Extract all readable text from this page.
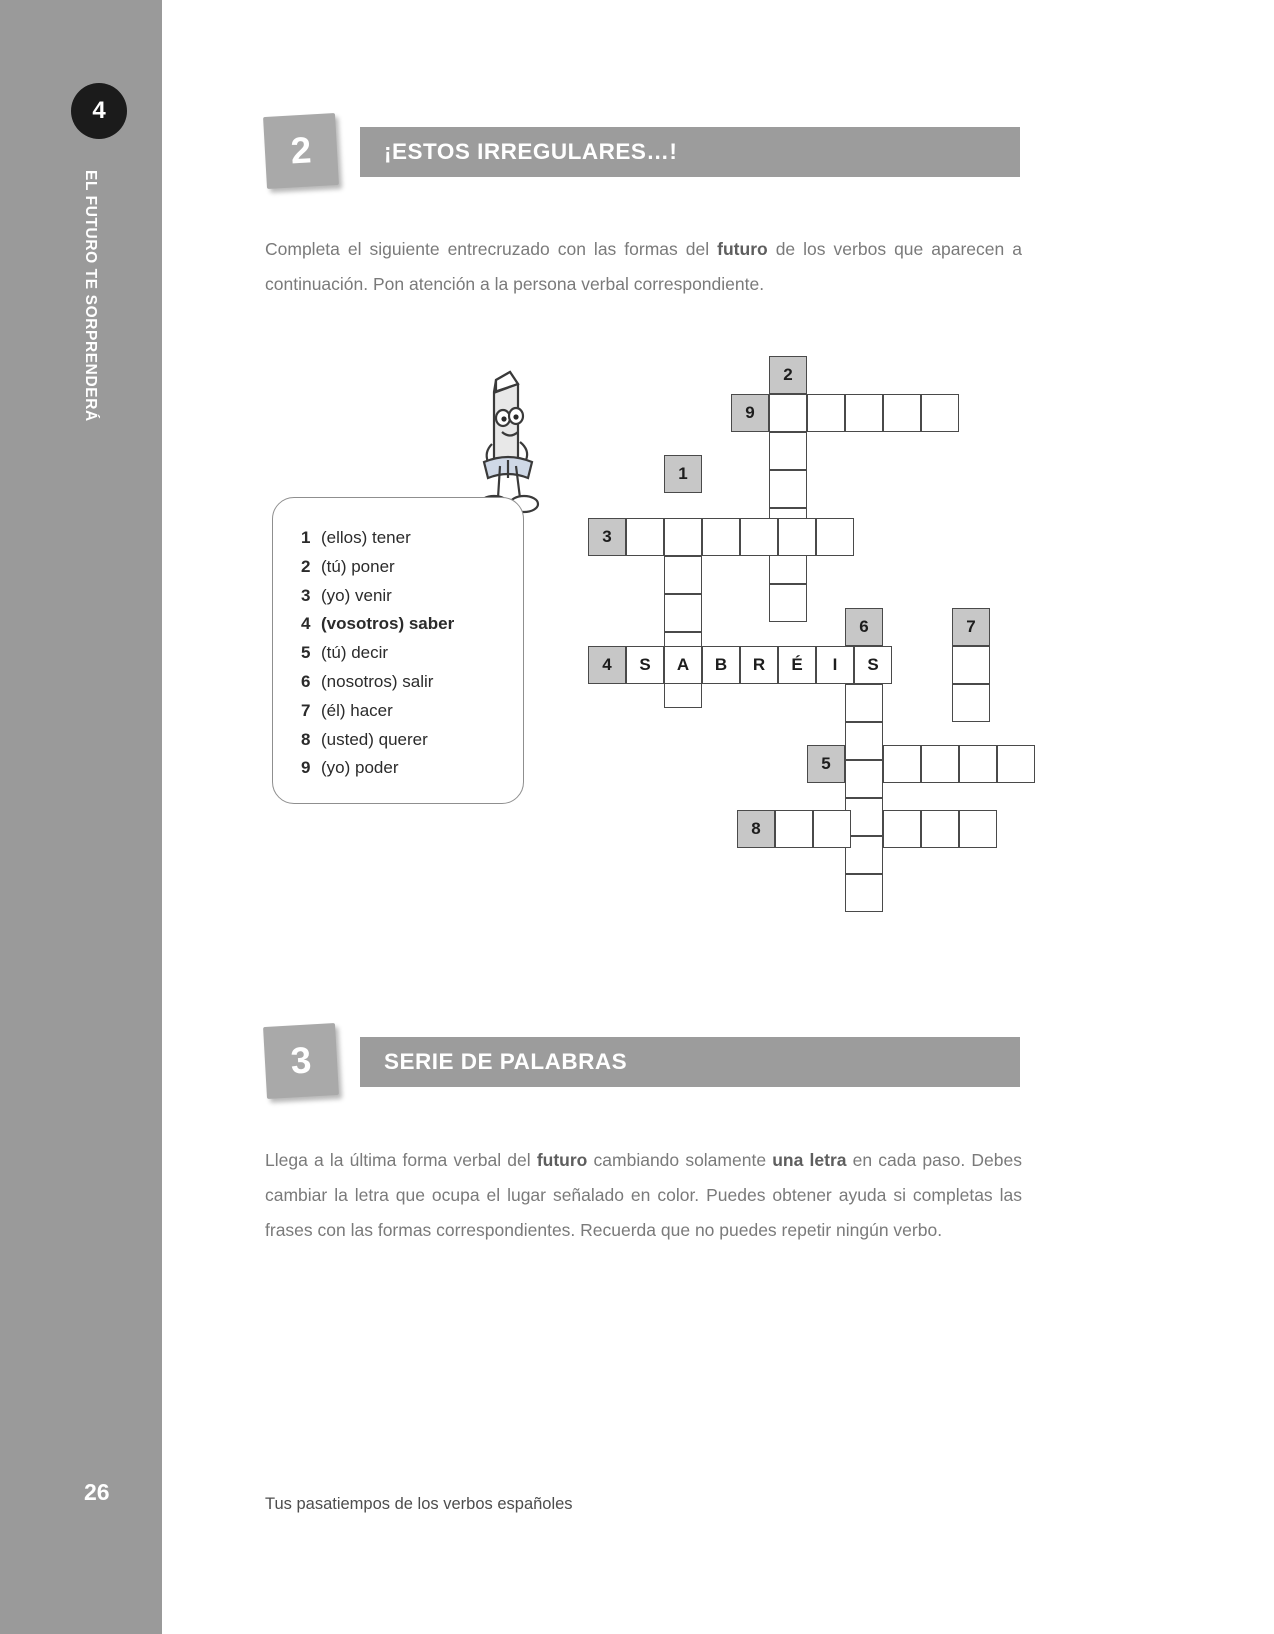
4
EL FUTURO TE SORPRENDERÁ
26
2	¡ESTOS IRREGULARES…!
Completa el siguiente entrecruzado con las formas del futuro de los verbos que aparecen a continuación. Pon atención a la persona verbal correspondiente.
1 (ellos) tener
2 (tú) poner
3 (yo) venir
4 (vosotros) saber
5 (tú) decir
6 (nosotros) salir
7 (él) hacer
8 (usted) querer
9 (yo) poder
2
9
1
3
6	7
4	S	A	B	R	É	I	S
5
8
3	SERIE DE PALABRAS
Llega a la última forma verbal del futuro cambiando solamente una letra en cada paso. Debes cambiar la letra que ocupa el lugar señalado en color. Puedes obtener ayuda si completas las frases con las formas correspondientes. Recuerda que no puedes repetir ningún verbo.
Tus pasatiempos de los verbos españoles
